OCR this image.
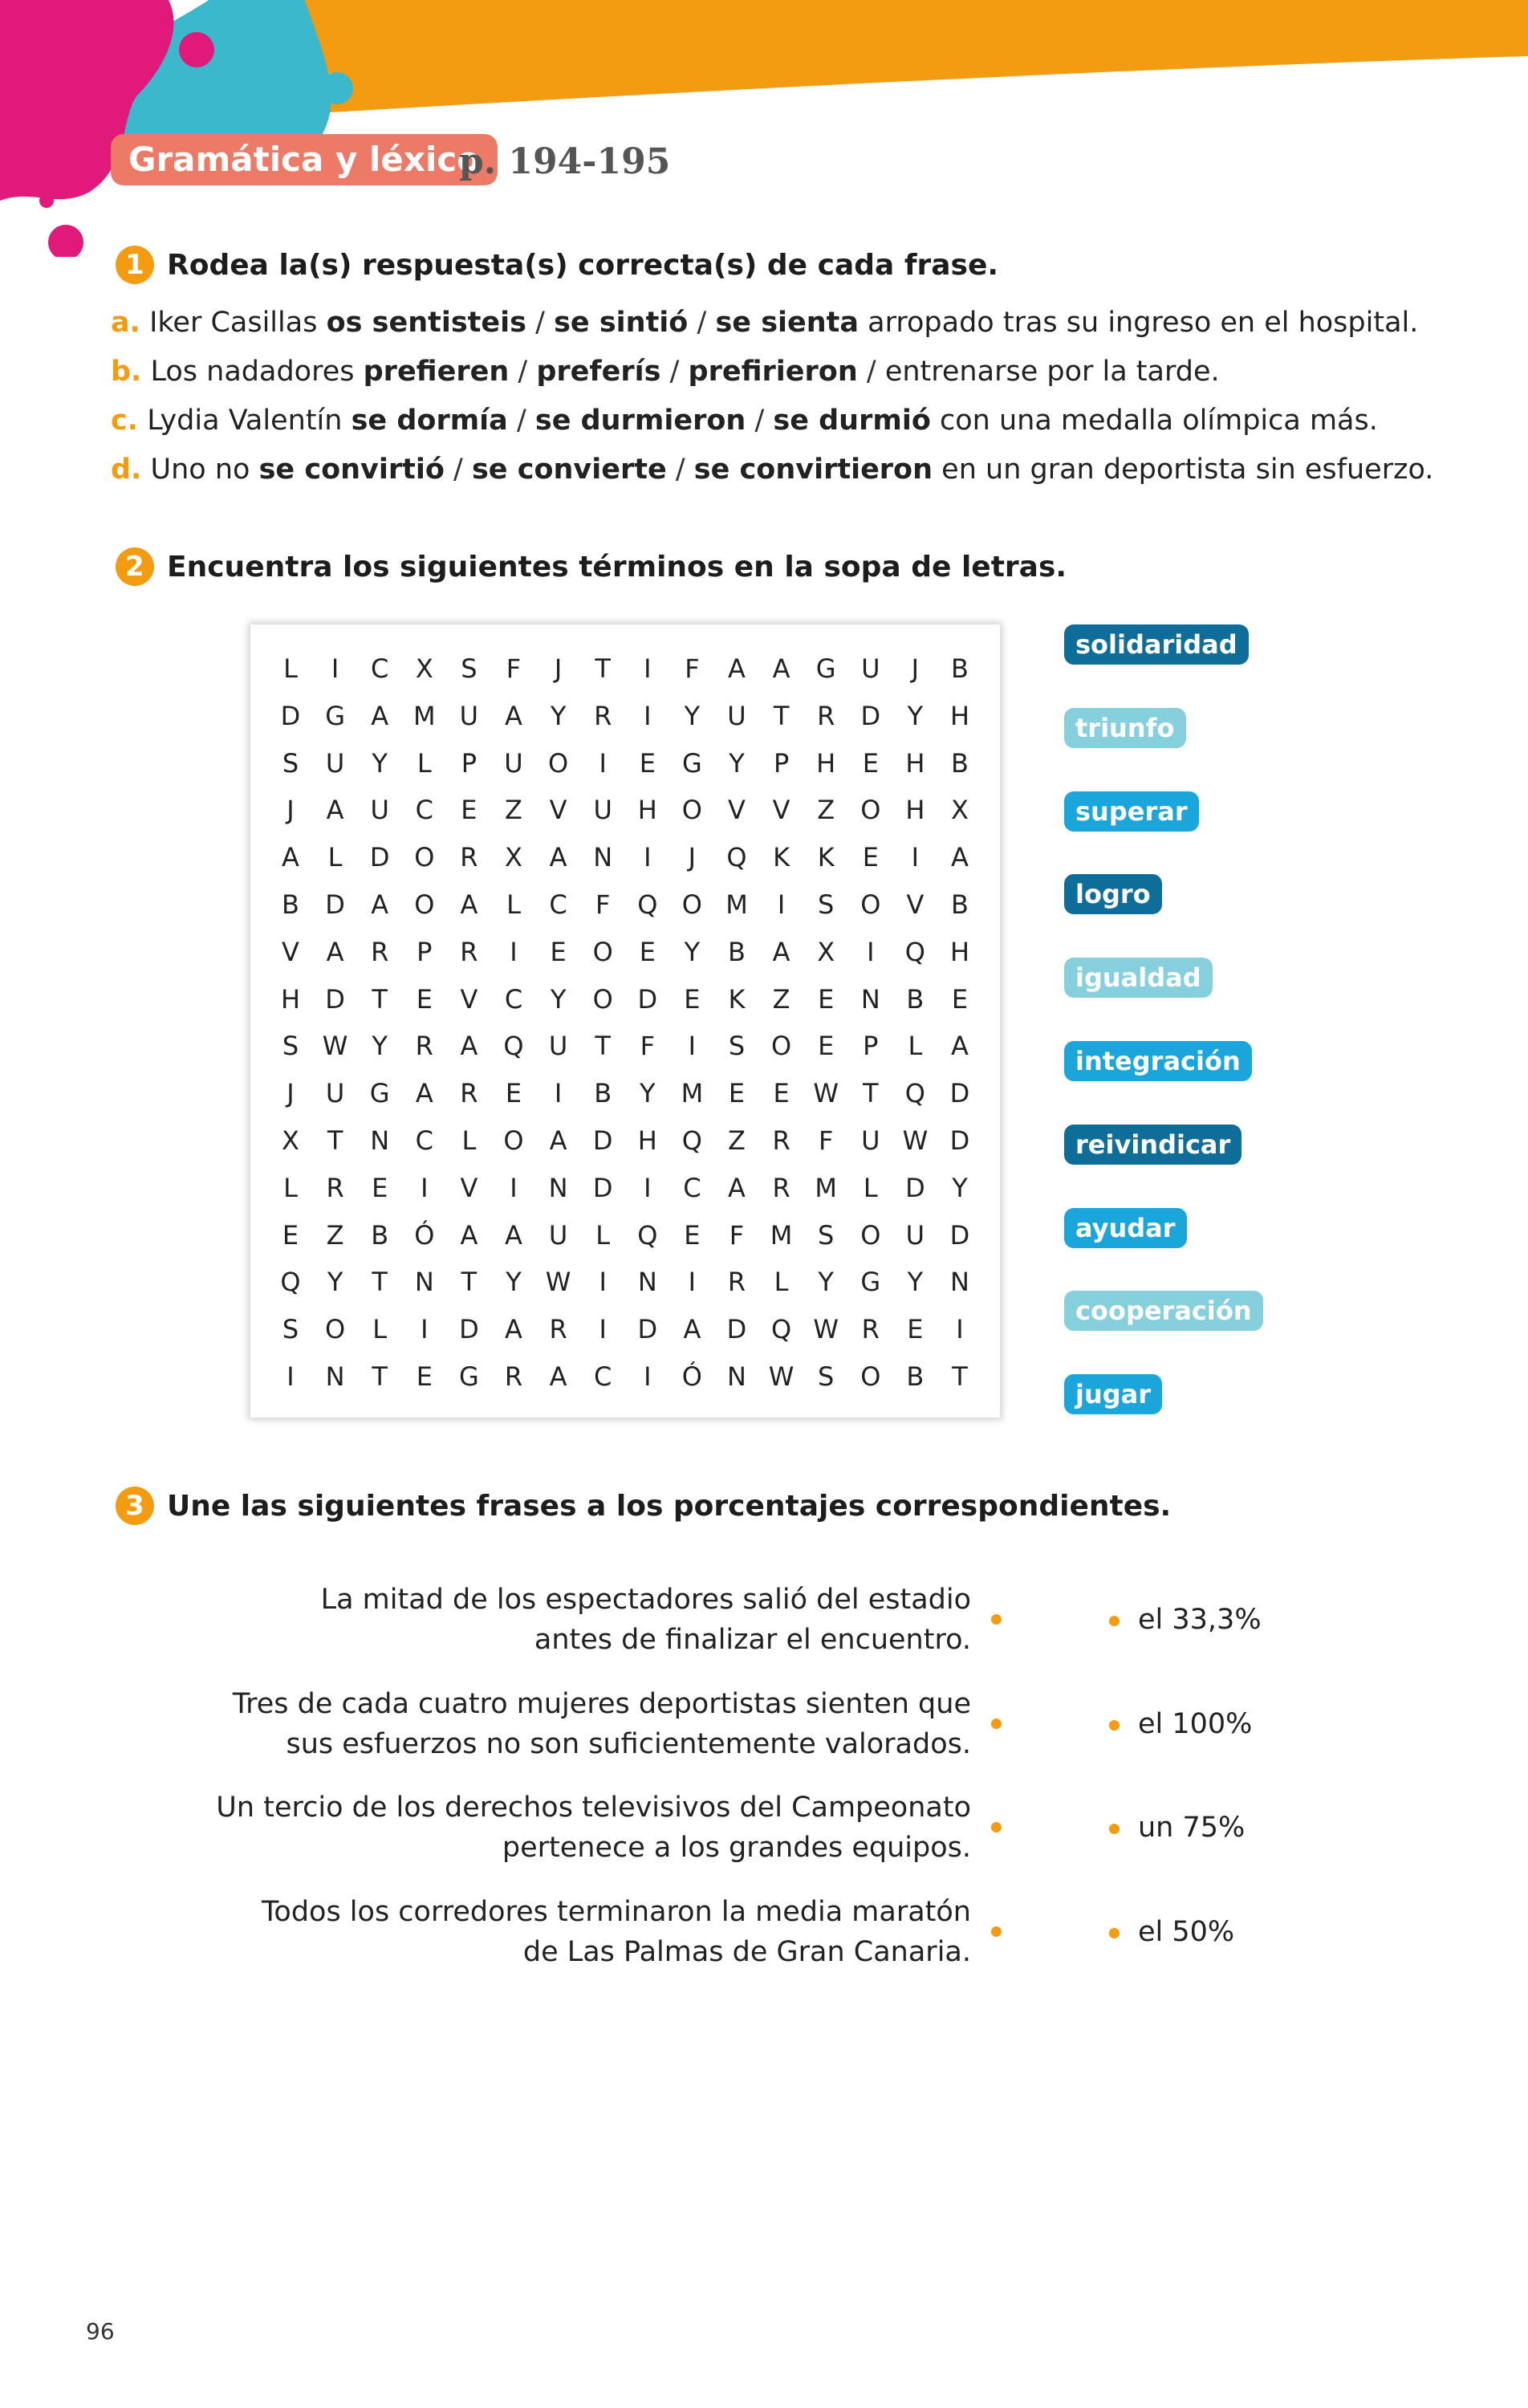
Gramática y léxico
p. 194-195
1 Rodea la(s) respuesta(s) correcta(s) de cada frase.
a. Iker Casillas os sentisteis / se sintió / se sienta arropado tras su ingreso en el hospital.
b. Los nadadores prefieren / preferís / prefirieron / entrenarse por la tarde.
c. Lydia Valentín se dormía / se durmieron / se durmió con una medalla olímpica más.
d. Uno no se convirtió / se convierte / se convirtieron en un gran deportista sin esfuerzo.
2 Encuentra los siguientes términos en la sopa de letras.
L	I	C	X	S	F	J	T	I	F	A	A	G U	J	B
D G	A M U	A	Y	R	I	Y	U	T	R	D	Y	H
S	U	Y	L	P	U O	I	E	G	Y	P	H	E	H	B
J	A	U	C	E	Z	V	U H O	V	V	Z	O H	X
A	L	D O R	X	A	N	I	J	Q	K	K	E	I	A
B	D	A	O	A	L	C	F	Q O M	I	S	O	V	B
V	A	R	P	R	I	E	O	E	Y	B	A	X	I	Q H
H D	T	E	V	C	Y	O D	E	K	Z	E	N	B	E
S W Y	R	A	Q U	T	F	I	S	O	E	P	L	A
J	U G	A	R	E	I	B	Y	M E	E W T	Q D
X	T	N	C	L	O	A	D H Q	Z	R	F	U W D
L	R	E	I	V	I	N D	I	C	A	R M	L	D	Y
E	Z	B	Ó	A	A	U	L	Q	E	F	M S	O U D
Q	Y	T	N	T	Y W	I	N	I	R	L	Y	G	Y	N
S	O	L	I	D	A	R	I	D	A	D Q W R	E	I
I	N	T	E	G	R	A	C	I	Ó N W S	O	B	T
solidaridad
triunfo
superar
logro
igualdad
integración
reivindicar
ayudar
cooperación
jugar
3 Une las siguientes frases a los porcentajes correspondientes.
La mitad de los espectadores salió del estadio
antes de finalizar el encuentro.
el 33,3%
Tres de cada cuatro mujeres deportistas sienten que
sus esfuerzos no son suficientemente valorados.
el 100%
Un tercio de los derechos televisivos del Campeonato
pertenece a los grandes equipos.
un 75%
Todos los corredores terminaron la media maratón
de Las Palmas de Gran Canaria.
el 50%
96
